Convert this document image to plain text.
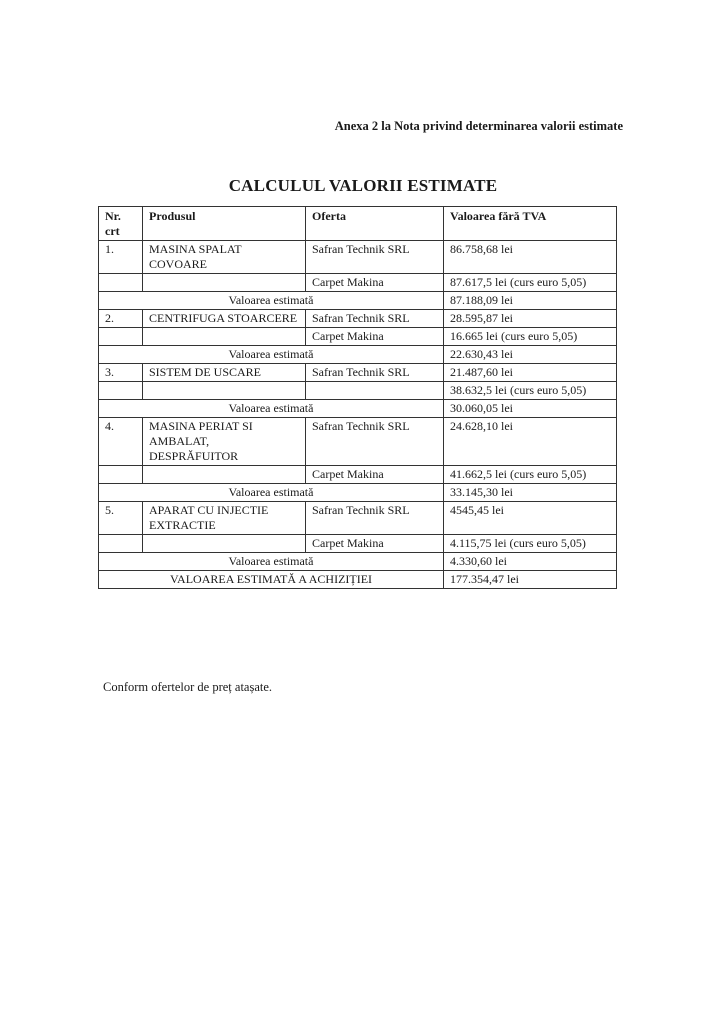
Anexa 2 la Nota privind determinarea valorii estimate
CALCULUL VALORII ESTIMATE
Nr. crt	Produsul	Oferta	Valoarea fără TVA
1.	MASINA SPALAT COVOARE	Safran Technik SRL	86.758,68 lei
		Carpet Makina	87.617,5 lei (curs euro 5,05)
Valoarea estimată			87.188,09 lei
2.	CENTRIFUGA STOARCERE	Safran Technik SRL	28.595,87 lei
		Carpet Makina	16.665 lei (curs euro 5,05)
Valoarea estimată			22.630,43 lei
3.	SISTEM DE USCARE	Safran Technik SRL	21.487,60 lei
			38.632,5 lei (curs euro 5,05)
Valoarea estimată			30.060,05 lei
4.	MASINA PERIAT SI AMBALAT, DESPRĂFUITOR	Safran Technik SRL	24.628,10 lei
		Carpet Makina	41.662,5 lei (curs euro 5,05)
Valoarea estimată			33.145,30 lei
5.	APARAT CU INJECTIE EXTRACTIE	Safran Technik SRL	4545,45 lei
		Carpet Makina	4.115,75 lei (curs euro 5,05)
Valoarea estimată			4.330,60 lei
VALOAREA ESTIMATĂ A ACHIZIȚIEI			177.354,47 lei
Conform ofertelor de preț atașate.
